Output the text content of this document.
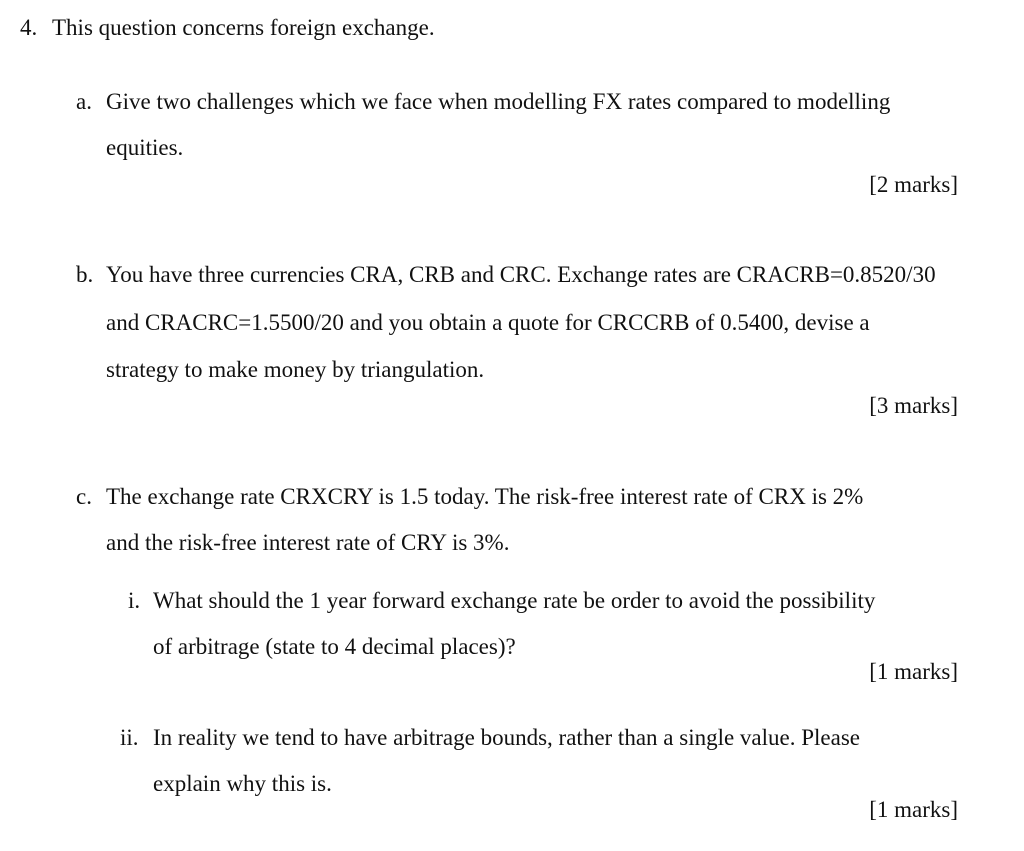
4. This question concerns foreign exchange.
a. Give two challenges which we face when modelling FX rates compared to modelling
equities.
[2 marks]
b. You have three currencies CRA, CRB and CRC. Exchange rates are CRACRB=0.8520/30
and CRACRC=1.5500/20 and you obtain a quote for CRCCRB of 0.5400, devise a
strategy to make money by triangulation.
[3 marks]
c. The exchange rate CRXCRY is 1.5 today. The risk-free interest rate of CRX is 2%
and the risk-free interest rate of CRY is 3%.
i. What should the 1 year forward exchange rate be order to avoid the possibility
of arbitrage (state to 4 decimal places)?
[1 marks]
ii. In reality we tend to have arbitrage bounds, rather than a single value. Please
explain why this is.
[1 marks]
